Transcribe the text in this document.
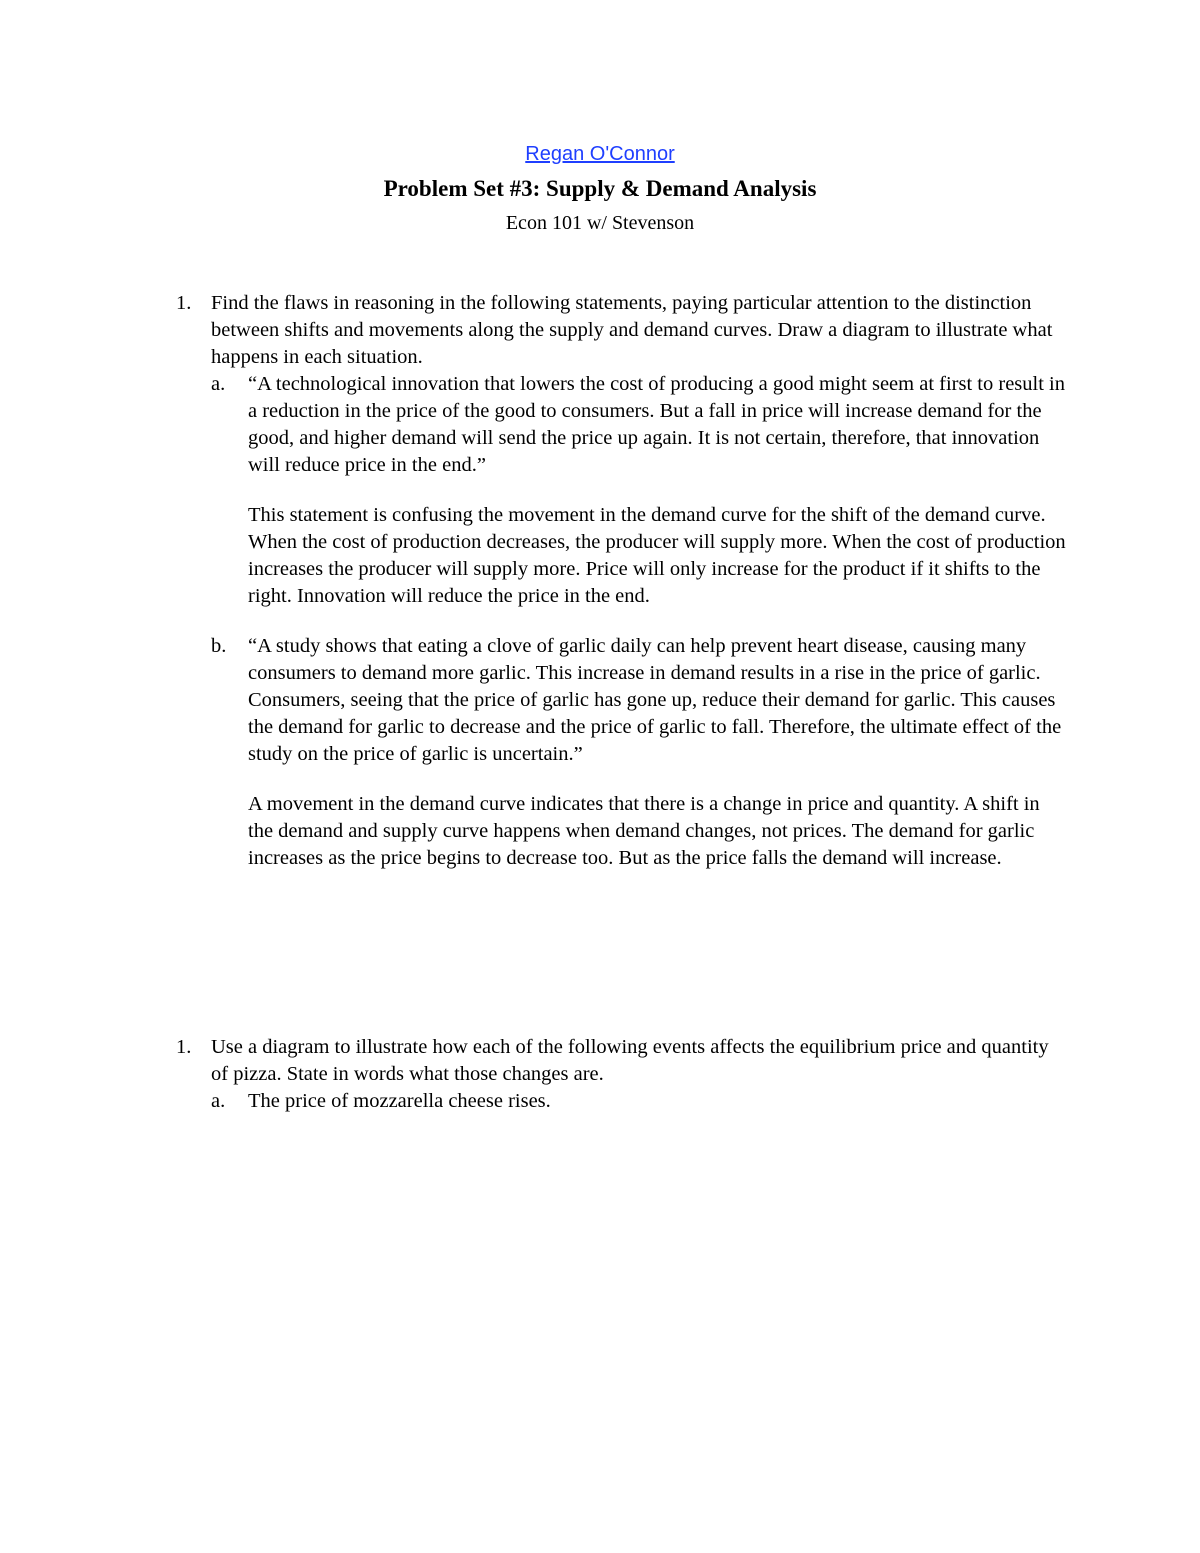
Regan O'Connor
Problem Set #3: Supply & Demand Analysis
Econ 101 w/ Stevenson
1. Find the flaws in reasoning in the following statements, paying particular attention to the distinction between shifts and movements along the supply and demand curves. Draw a diagram to illustrate what happens in each situation.
a. “A technological innovation that lowers the cost of producing a good might seem at first to result in a reduction in the price of the good to consumers. But a fall in price will increase demand for the good, and higher demand will send the price up again. It is not certain, therefore, that innovation will reduce price in the end.”
This statement is confusing the movement in the demand curve for the shift of the demand curve. When the cost of production decreases, the producer will supply more. When the cost of production increases the producer will supply more. Price will only increase for the product if it shifts to the right. Innovation will reduce the price in the end.
b. “A study shows that eating a clove of garlic daily can help prevent heart disease, causing many consumers to demand more garlic. This increase in demand results in a rise in the price of garlic. Consumers, seeing that the price of garlic has gone up, reduce their demand for garlic. This causes the demand for garlic to decrease and the price of garlic to fall. Therefore, the ultimate effect of the study on the price of garlic is uncertain.”
A movement in the demand curve indicates that there is a change in price and quantity. A shift in the demand and supply curve happens when demand changes, not prices. The demand for garlic increases as the price begins to decrease too. But as the price falls the demand will increase.
1. Use a diagram to illustrate how each of the following events affects the equilibrium price and quantity of pizza. State in words what those changes are.
a. The price of mozzarella cheese rises.
